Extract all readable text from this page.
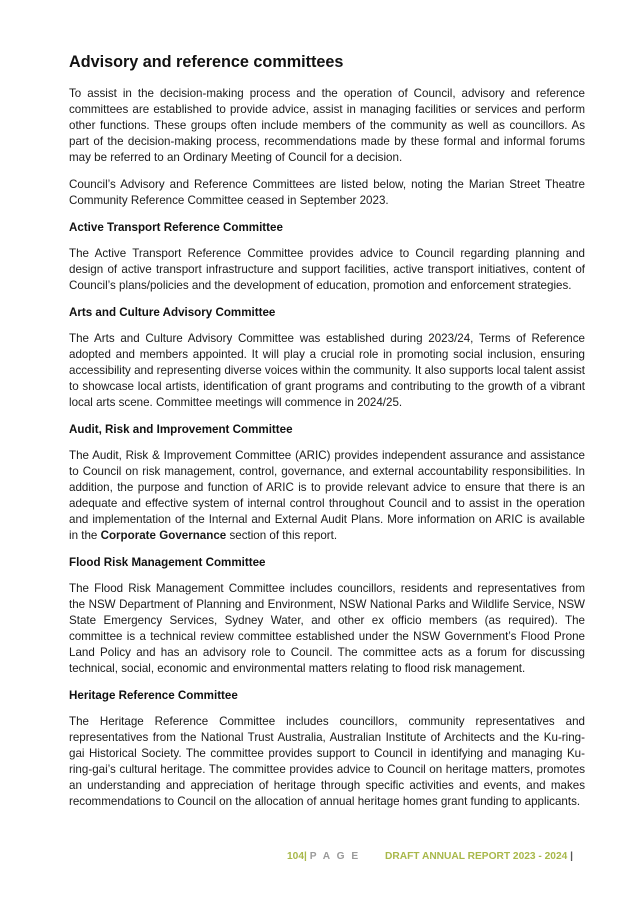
Advisory and reference committees

To assist in the decision-making process and the operation of Council, advisory and reference committees are established to provide advice, assist in managing facilities or services and perform other functions. These groups often include members of the community as well as councillors. As part of the decision-making process, recommendations made by these formal and informal forums may be referred to an Ordinary Meeting of Council for a decision.

Council’s Advisory and Reference Committees are listed below, noting the Marian Street Theatre Community Reference Committee ceased in September 2023.

Active Transport Reference Committee

The Active Transport Reference Committee provides advice to Council regarding planning and design of active transport infrastructure and support facilities, active transport initiatives, content of Council’s plans/policies and the development of education, promotion and enforcement strategies.

Arts and Culture Advisory Committee

The Arts and Culture Advisory Committee was established during 2023/24, Terms of Reference adopted and members appointed. It will play a crucial role in promoting social inclusion, ensuring accessibility and representing diverse voices within the community. It also supports local talent assist to showcase local artists, identification of grant programs and contributing to the growth of a vibrant local arts scene. Committee meetings will commence in 2024/25.

Audit, Risk and Improvement Committee

The Audit, Risk & Improvement Committee (ARIC) provides independent assurance and assistance to Council on risk management, control, governance, and external accountability responsibilities. In addition, the purpose and function of ARIC is to provide relevant advice to ensure that there is an adequate and effective system of internal control throughout Council and to assist in the operation and implementation of the Internal and External Audit Plans. More information on ARIC is available in the Corporate Governance section of this report.

Flood Risk Management Committee

The Flood Risk Management Committee includes councillors, residents and representatives from the NSW Department of Planning and Environment, NSW National Parks and Wildlife Service, NSW State Emergency Services, Sydney Water, and other ex officio members (as required). The committee is a technical review committee established under the NSW Government’s Flood Prone Land Policy and has an advisory role to Council. The committee acts as a forum for discussing technical, social, economic and environmental matters relating to flood risk management.

Heritage Reference Committee

The Heritage Reference Committee includes councillors, community representatives and representatives from the National Trust Australia, Australian Institute of Architects and the Ku-ring-gai Historical Society. The committee provides support to Council in identifying and managing Ku-ring-gai’s cultural heritage. The committee provides advice to Council on heritage matters, promotes an understanding and appreciation of heritage through specific activities and events, and makes recommendations to Council on the allocation of annual heritage homes grant funding to applicants.

104| P A G E DRAFT ANNUAL REPORT 2023 - 2024 |
